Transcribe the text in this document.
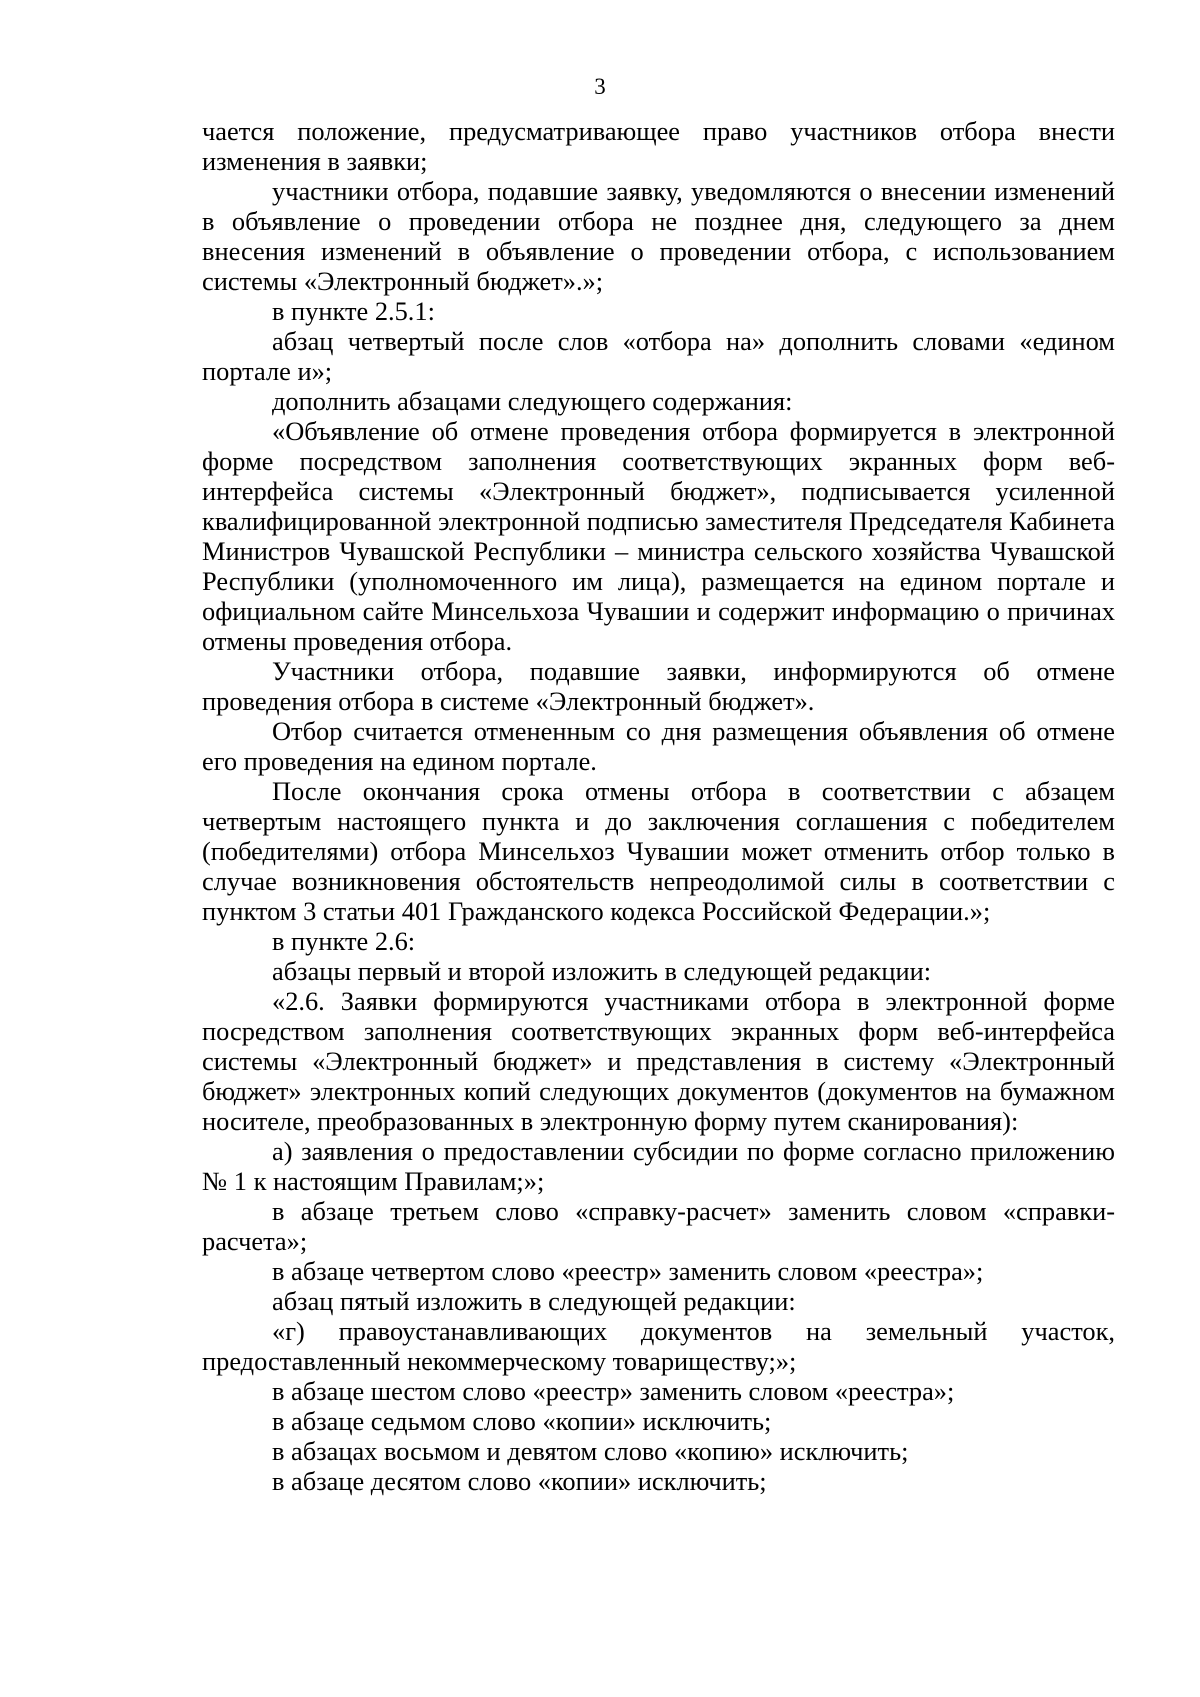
3

чается положение, предусматривающее право участников отбора внести изменения в заявки;

участники отбора, подавшие заявку, уведомляются о внесении изменений в объявление о проведении отбора не позднее дня, следующего за днем внесения изменений в объявление о проведении отбора, с использованием системы «Электронный бюджет».»;

в пункте 2.5.1:

абзац четвертый после слов «отбора на» дополнить словами «едином портале и»;

дополнить абзацами следующего содержания:

«Объявление об отмене проведения отбора формируется в электронной форме посредством заполнения соответствующих экранных форм веб-интерфейса системы «Электронный бюджет», подписывается усиленной квалифицированной электронной подписью заместителя Председателя Кабинета Министров Чувашской Республики – министра сельского хозяйства Чувашской Республики (уполномоченного им лица), размещается на едином портале и официальном сайте Минсельхоза Чувашии и содержит информацию о причинах отмены проведения отбора.

Участники отбора, подавшие заявки, информируются об отмене проведения отбора в системе «Электронный бюджет».

Отбор считается отмененным со дня размещения объявления об отмене его проведения на едином портале.

После окончания срока отмены отбора в соответствии с абзацем четвертым настоящего пункта и до заключения соглашения с победителем (победителями) отбора Минсельхоз Чувашии может отменить отбор только в случае возникновения обстоятельств непреодолимой силы в соответствии с пунктом 3 статьи 401 Гражданского кодекса Российской Федерации.»;

в пункте 2.6:

абзацы первый и второй изложить в следующей редакции:

«2.6. Заявки формируются участниками отбора в электронной форме посредством заполнения соответствующих экранных форм веб-интерфейса системы «Электронный бюджет» и представления в систему «Электронный бюджет» электронных копий следующих документов (документов на бумажном носителе, преобразованных в электронную форму путем сканирования):

а) заявления о предоставлении субсидии по форме согласно приложению № 1 к настоящим Правилам;»;

в абзаце третьем слово «справку-расчет» заменить словом «справки-расчета»;

в абзаце четвертом слово «реестр» заменить словом «реестра»;

абзац пятый изложить в следующей редакции:

«г) правоустанавливающих документов на земельный участок, предоставленный некоммерческому товариществу;»;

в абзаце шестом слово «реестр» заменить словом «реестра»;

в абзаце седьмом слово «копии» исключить;

в абзацах восьмом и девятом слово «копию» исключить;

в абзаце десятом слово «копии» исключить;
